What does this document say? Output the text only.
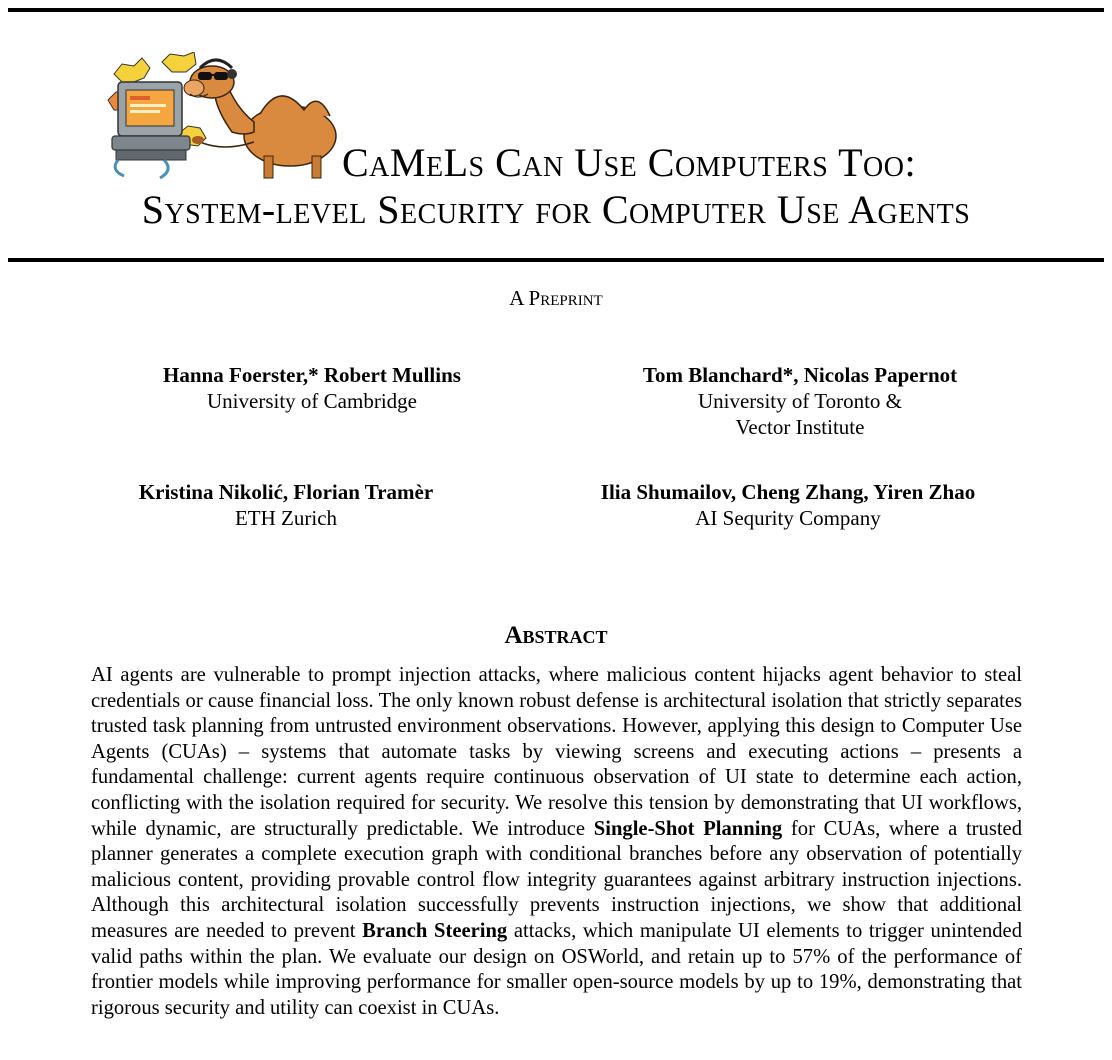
CaMeLs Can Use Computers Too:
System-level Security for Computer Use Agents
A Preprint
Hanna Foerster,* Robert Mullins
University of Cambridge
Tom Blanchard*, Nicolas Papernot
University of Toronto &
Vector Institute
Kristina Nikolić, Florian Tramèr
ETH Zurich
Ilia Shumailov, Cheng Zhang, Yiren Zhao
AI Sequrity Company
Abstract
AI agents are vulnerable to prompt injection attacks, where malicious content hijacks agent behavior to steal credentials or cause financial loss. The only known robust defense is architectural isolation that strictly separates trusted task planning from untrusted environment observations. However, applying this design to Computer Use Agents (CUAs) – systems that automate tasks by viewing screens and executing actions – presents a fundamental challenge: current agents require continuous observation of UI state to determine each action, conflicting with the isolation required for security. We resolve this tension by demonstrating that UI workflows, while dynamic, are structurally predictable. We introduce Single-Shot Planning for CUAs, where a trusted planner generates a complete execution graph with conditional branches before any observation of potentially malicious content, providing provable control flow integrity guarantees against arbitrary instruction injections. Although this architectural isolation successfully prevents instruction injections, we show that additional measures are needed to prevent Branch Steering attacks, which manipulate UI elements to trigger unintended valid paths within the plan. We evaluate our design on OSWorld, and retain up to 57% of the performance of frontier models while improving performance for smaller open-source models by up to 19%, demonstrating that rigorous security and utility can coexist in CUAs.
